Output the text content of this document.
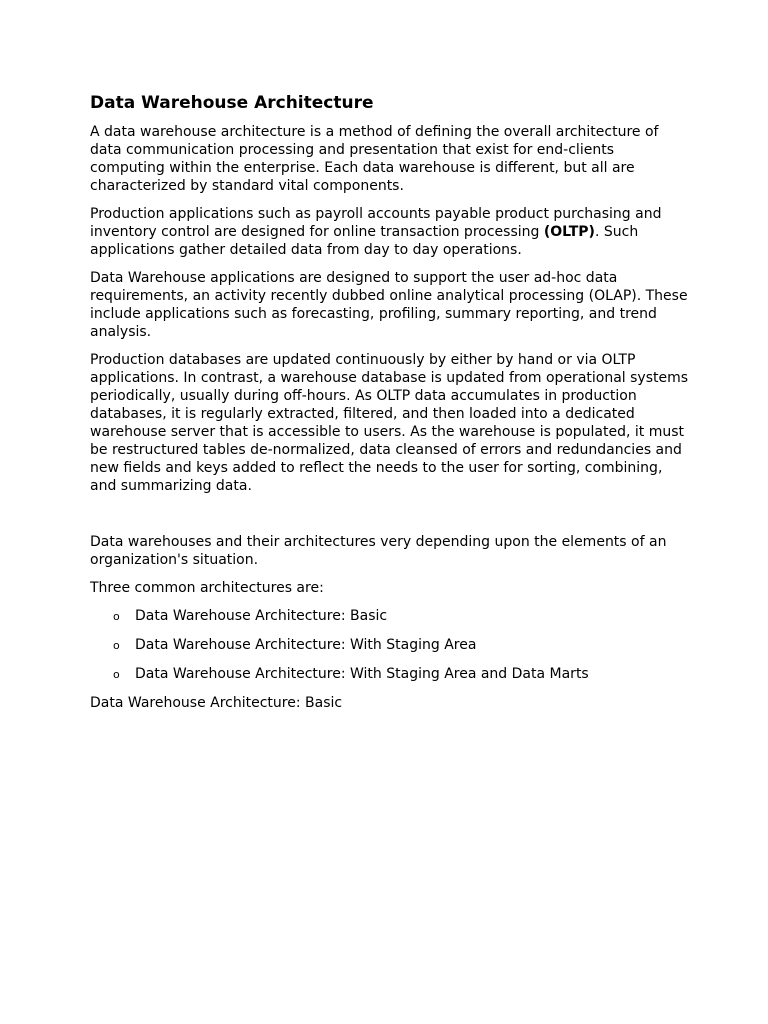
Data Warehouse Architecture

A data warehouse architecture is a method of defining the overall architecture of data communication processing and presentation that exist for end-clients computing within the enterprise. Each data warehouse is different, but all are characterized by standard vital components.

Production applications such as payroll accounts payable product purchasing and inventory control are designed for online transaction processing (OLTP). Such applications gather detailed data from day to day operations.

Data Warehouse applications are designed to support the user ad-hoc data requirements, an activity recently dubbed online analytical processing (OLAP). These include applications such as forecasting, profiling, summary reporting, and trend analysis.

Production databases are updated continuously by either by hand or via OLTP applications. In contrast, a warehouse database is updated from operational systems periodically, usually during off-hours. As OLTP data accumulates in production databases, it is regularly extracted, filtered, and then loaded into a dedicated warehouse server that is accessible to users. As the warehouse is populated, it must be restructured tables de-normalized, data cleansed of errors and redundancies and new fields and keys added to reflect the needs to the user for sorting, combining, and summarizing data.

Data warehouses and their architectures very depending upon the elements of an organization's situation.

Three common architectures are:

o Data Warehouse Architecture: Basic
o Data Warehouse Architecture: With Staging Area
o Data Warehouse Architecture: With Staging Area and Data Marts

Data Warehouse Architecture: Basic
